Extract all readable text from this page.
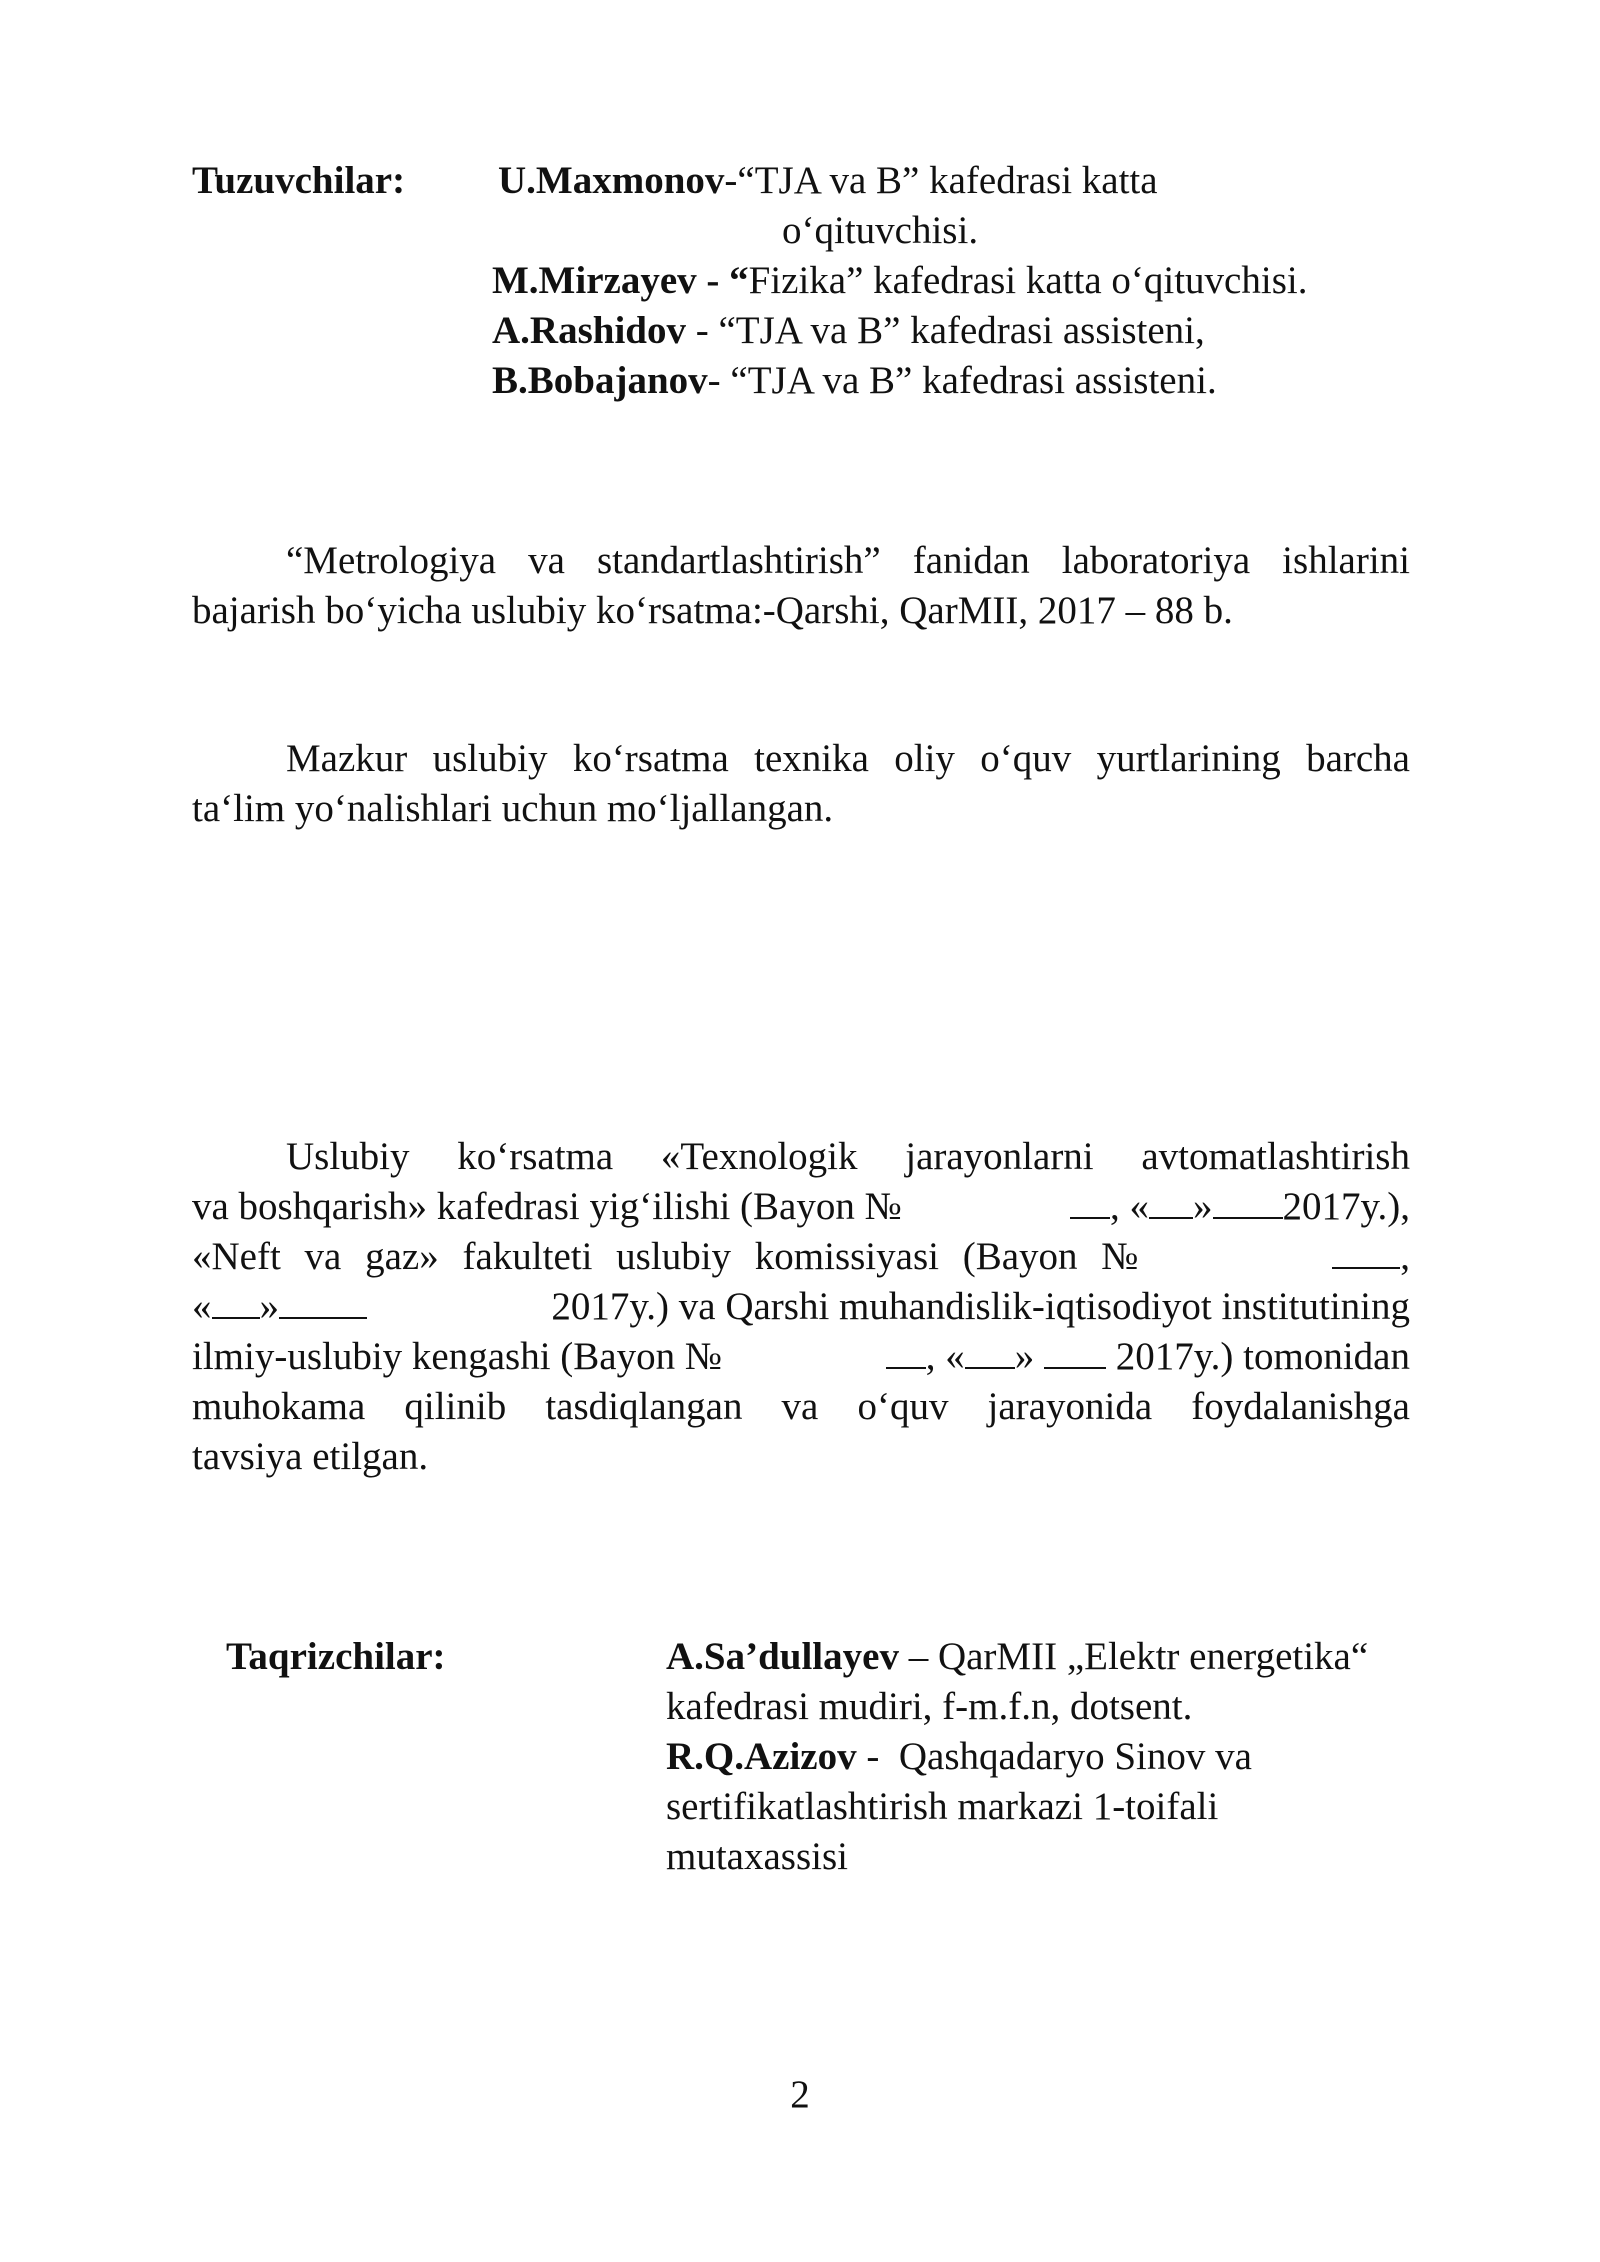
Tuzuvchilar: U.Maxmonov-“TJA va B” kafedrasi katta
o‘qituvchisi.
M.Mirzayev - “Fizika” kafedrasi katta o‘qituvchisi.
A.Rashidov - “TJA va B” kafedrasi assisteni,
B.Bobajanov- “TJA va B” kafedrasi assisteni.
“Metrologiya va standartlashtirish” fanidan laboratoriya ishlarini
bajarish bo‘yicha uslubiy ko‘rsatma:-Qarshi, QarMII, 2017 – 88 b.
Mazkur uslubiy ko‘rsatma texnika oliy o‘quv yurtlarining barcha
ta‘lim yo‘nalishlari uchun mo‘ljallangan.
Uslubiy ko‘rsatma «Texnologik jarayonlarni avtomatlashtirish
va boshqarish» kafedrasi yig‘ilishi (Bayon №	, « » 2017y.),
«Neft va gaz» fakulteti uslubiy komissiyasi (Bayon №	,
« »	2017y.) va Qarshi muhandislik-iqtisodiyot institutining
ilmiy-uslubiy kengashi (Bayon №	, « »  2017y.) tomonidan
muhokama qilinib tasdiqlangan va o‘quv jarayonida foydalanishga
tavsiya etilgan.
Taqrizchilar:	A.Sa’dullayev – QarMII „Elektr energetika“
kafedrasi mudiri, f-m.f.n, dotsent.
R.Q.Azizov -  Qashqadaryo Sinov va
sertifikatlashtirish markazi 1-toifali
mutaxassisi
2
